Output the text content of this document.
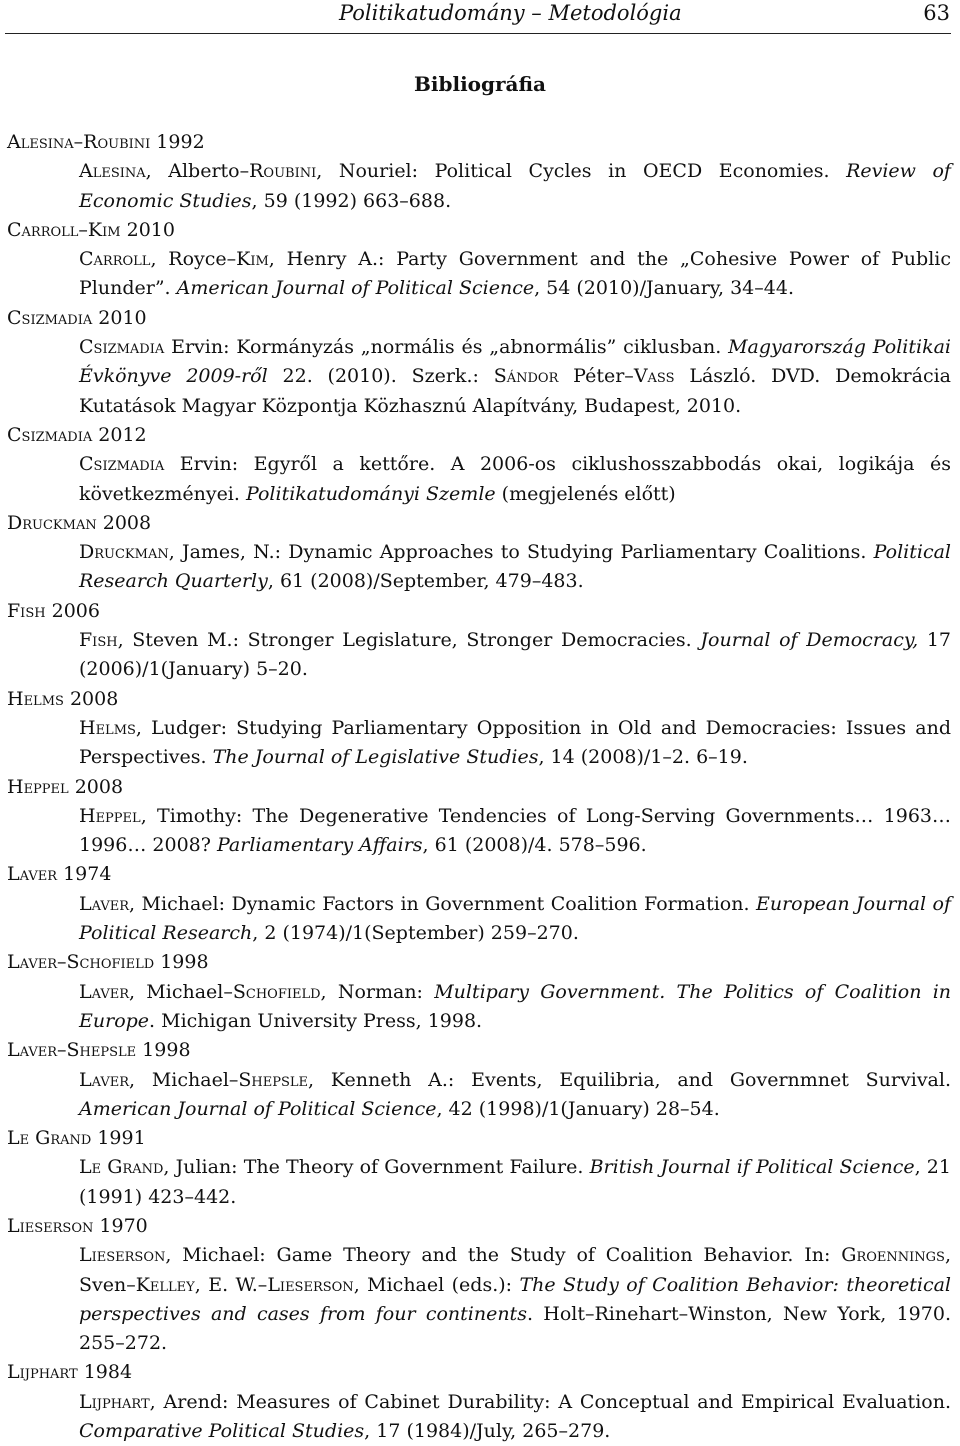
Politikatudomány – Metodológia	63
Bibliográfia
Alesina–Roubini 1992
Alesina, Alberto–Roubini, Nouriel: Political Cycles in OECD Economies. Review of Economic Studies, 59 (1992) 663–688.
Carroll–Kim 2010
Carroll, Royce–Kim, Henry A.: Party Government and the „Cohesive Power of Public Plunder”. American Journal of Political Science, 54 (2010)/January, 34–44.
Csizmadia 2010
Csizmadia Ervin: Kormányzás „normális és „abnormális” ciklusban. Magyarország Politikai Évkönyve 2009-ről 22. (2010). Szerk.: Sándor Péter–Vass László. DVD. Demokrácia Kutatások Magyar Központja Közhasznú Alapítvány, Budapest, 2010.
Csizmadia 2012
Csizmadia Ervin: Egyről a kettőre. A 2006-os ciklushosszabbodás okai, logikája és következményei. Politikatudományi Szemle (megjelenés előtt)
Druckman 2008
Druckman, James, N.: Dynamic Approaches to Studying Parliamentary Coalitions. Political Research Quarterly, 61 (2008)/September, 479–483.
Fish 2006
Fish, Steven M.: Stronger Legislature, Stronger Democracies. Journal of Democracy, 17 (2006)/1(January) 5–20.
Helms 2008
Helms, Ludger: Studying Parliamentary Opposition in Old and Democracies: Issues and Perspectives. The Journal of Legislative Studies, 14 (2008)/1–2. 6–19.
Heppel 2008
Heppel, Timothy: The Degenerative Tendencies of Long-Serving Governments… 1963… 1996… 2008? Parliamentary Affairs, 61 (2008)/4. 578–596.
Laver 1974
Laver, Michael: Dynamic Factors in Government Coalition Formation. European Journal of Political Research, 2 (1974)/1(September) 259–270.
Laver–Schofield 1998
Laver, Michael–Schofield, Norman: Multipary Government. The Politics of Coalition in Europe. Michigan University Press, 1998.
Laver–Shepsle 1998
Laver, Michael–Shepsle, Kenneth A.: Events, Equilibria, and Governmnet Survival. American Journal of Political Science, 42 (1998)/1(January) 28–54.
Le Grand 1991
Le Grand, Julian: The Theory of Government Failure. British Journal if Political Science, 21 (1991) 423–442.
Lieserson 1970
Lieserson, Michael: Game Theory and the Study of Coalition Behavior. In: Groennings, Sven–Kelley, E. W.–Lieserson, Michael (eds.): The Study of Coalition Behavior: theoretical perspectives and cases from four continents. Holt–Rinehart–Winston, New York, 1970. 255–272.
Lijphart 1984
Lijphart, Arend: Measures of Cabinet Durability: A Conceptual and Empirical Evaluation. Comparative Political Studies, 17 (1984)/July, 265–279.
